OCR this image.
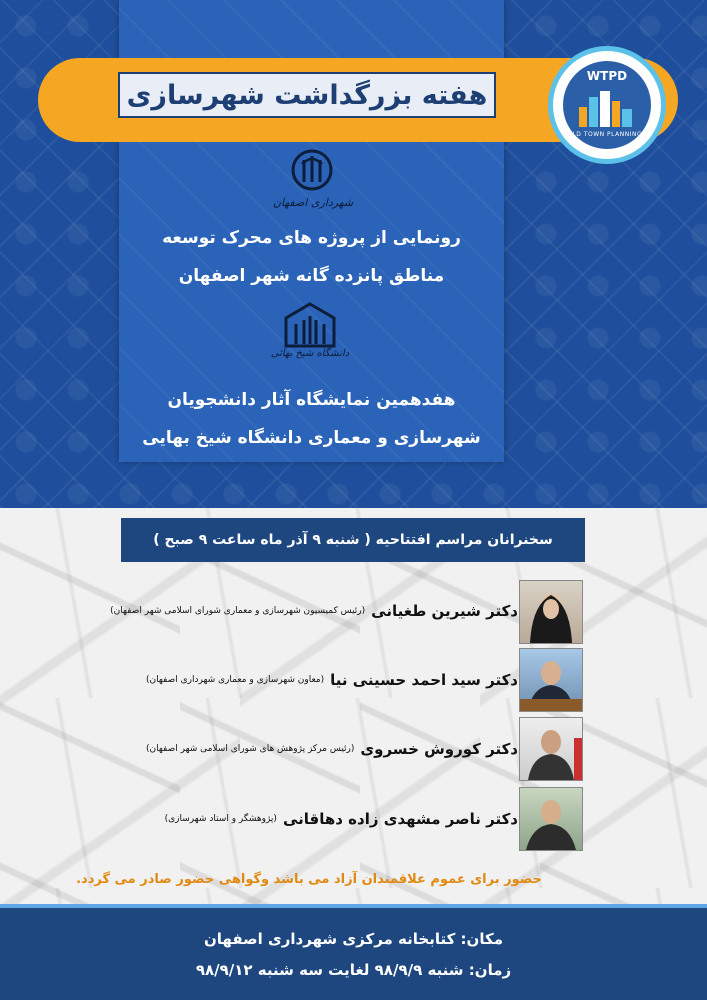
هفته بزرگداشت شهرسازی
WTPD
WORLD TOWN PLANNING DAY
شهرداری اصفهان
رونمایی از پروژه های محرک توسعه
مناطق پانزده گانه شهر اصفهان
دانشگاه شیخ بهائی
هفدهمین نمایشگاه آثار دانشجویان
شهرسازی و معماری دانشگاه شیخ بهایی
سخنرانان مراسم افتتاحیه ( شنبه ۹ آذر ماه ساعت ۹ صبح )
دکتر شیرین طغیانی
(رئیس کمیسیون شهرسازی و معماری شورای اسلامی شهر اصفهان)
دکتر سید احمد حسینی نیا
(معاون شهرسازی و معماری شهرداری اصفهان)
دکتر کوروش خسروی
(رئیس مرکز پژوهش های شورای اسلامی شهر اصفهان)
دکتر ناصر مشهدی زاده دهاقانی
(پژوهشگر و استاد شهرسازی)
حضور برای عموم علاقمندان آزاد می باشد وگواهی حضور صادر می گردد.
مکان: کتابخانه مرکزی شهرداری اصفهان
زمان: شنبه ۹۸/۹/۹ لغایت سه شنبه ۹۸/۹/۱۲
